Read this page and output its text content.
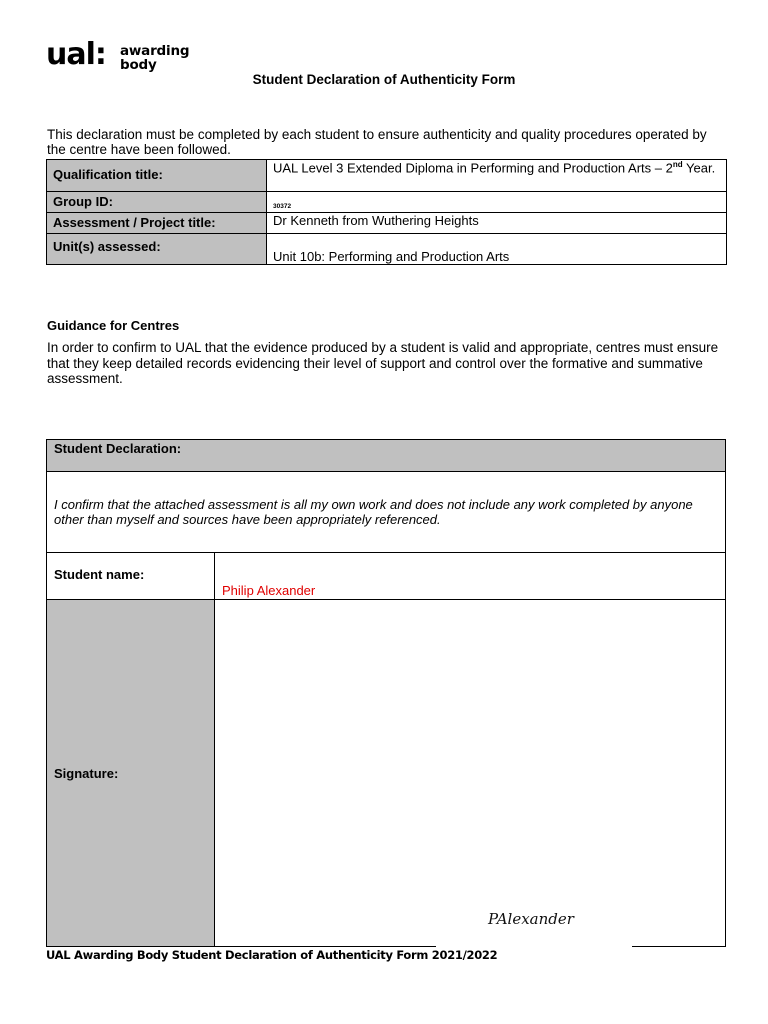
ual: awarding
body
Student Declaration of Authenticity Form
This declaration must be completed by each student to ensure authenticity and quality procedures operated by the centre have been followed.
Qualification title:	UAL Level 3 Extended Diploma in Performing and Production Arts – 2nd Year.
Group ID:	30372

Assessment / Project title:	Dr Kenneth from Wuthering Heights
Unit(s) assessed:	Unit 10b: Performing and Production Arts
Guidance for Centres
In order to confirm to UAL that the evidence produced by a student is valid and appropriate, centres must ensure that they keep detailed records evidencing their level of support and control over the formative and summative assessment.
Student Declaration:	

I confirm that the attached assessment is all my own work and does not include any work completed by anyone other than myself and sources have been appropriately referenced.	
Student name:	Philip Alexander

Signature:	
PAlexander
UAL Awarding Body Student Declaration of Authenticity Form 2021/2022
